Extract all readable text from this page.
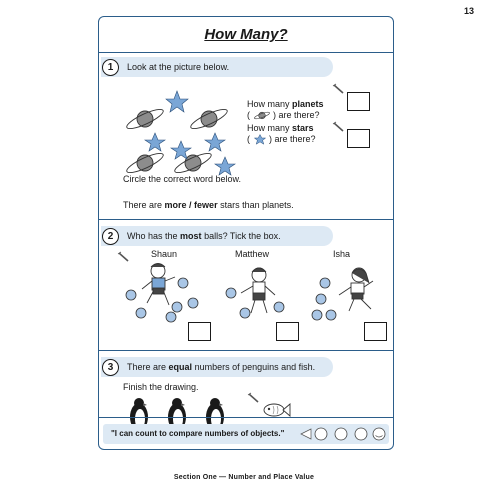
13
How Many?
1	Look at the picture below.
How many planets
(	) are there?
How many stars
( ) are there?
Circle the correct word below.
There are more / fewer stars than planets.
2	Who has the most balls? Tick the box.
Shaun	Matthew	Isha
3	There are equal numbers of penguins and fish.
Finish the drawing.
"I can count to compare numbers of objects."
Section One — Number and Place Value
